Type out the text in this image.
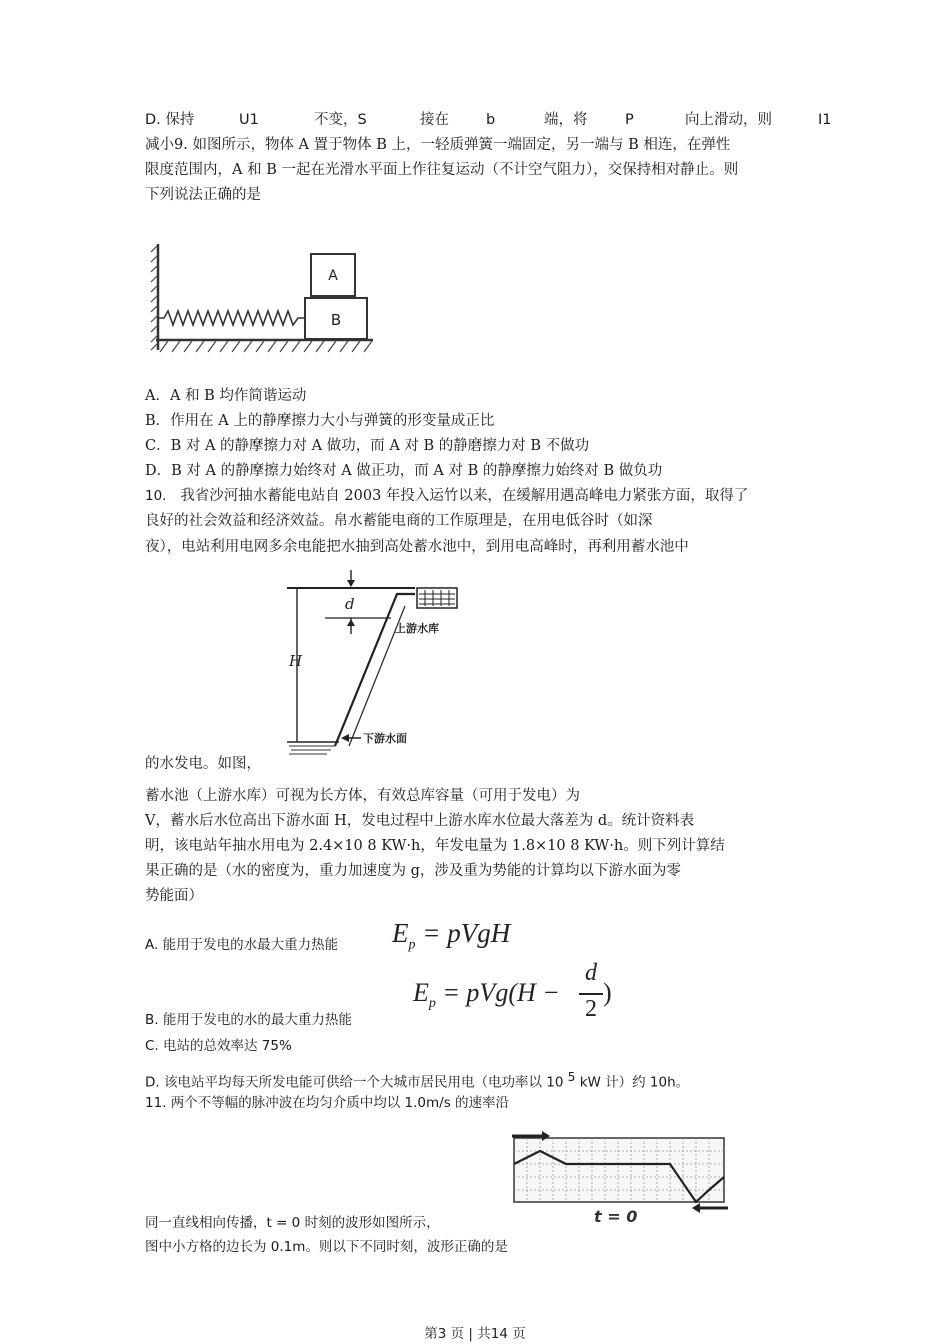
D. 保持	U1	不变，S	接在	b	端，将	P	向上滑动，则	I1
减小9. 如图所示，物体 A 置于物体 B 上，一轻质弹簧一端固定，另一端与 B 相连，在弹性
限度范围内，A 和 B 一起在光滑水平面上作往复运动（不计空气阻力），交保持相对静止。则
下列说法正确的是
B
A
A．A 和 B 均作简谐运动
B．作用在 A 上的静摩擦力大小与弹簧的形变量成正比
C．B 对 A 的静摩擦力对 A 做功，而 A 对 B 的静磨擦力对 B 不做功
D．B 对 A 的静摩擦力始终对 A 做正功，而 A 对 B 的静摩擦力始终对 B 做负功
10. 我省沙河抽水蓄能电站自 2003 年投入运竹以来，在缓解用遇高峰电力紧张方面，取得了
良好的社会效益和经济效益。帛水蓄能电商的工作原理是，在用电低谷时（如深
夜），电站利用电网多余电能把水抽到高处蓄水池中，到用电高峰时，再利用蓄水池中
d
H
上游水库
下游水面
的水发电。如图，
蓄水池（上游水库）可视为长方体，有效总库容量（可用于发电）为
V，蓄水后水位高出下游水面 H，发电过程中上游水库水位最大落差为 d。统计资料表
明，该电站年抽水用电为 2.4×10 8 KW·h，年发电量为 1.8×10 8 KW·h。则下列计算结
果正确的是（水的密度为，重力加速度为 g，涉及重为势能的计算均以下游水面为零
势能面）
A. 能用于发电的水最大重力热能 $E_p$ = pVgH
$E_p = pVg(H$ −
d
2
)
B. 能用于发电的水的最大重力热能
C. 电站的总效率达 75%
D. 该电站平均每天所发电能可供给一个大城市居民用电（电功率以 10 $^5$ kW 计）约 10h。
11. 两个不等幅的脉冲波在均匀介质中均以 1.0m/s 的速率沿
t = 0
同一直线相向传播，t = 0 时刻的波形如图所示，
图中小方格的边长为 0.1m。则以下不同时刻，波形正确的是
第3 页 | 共14 页
